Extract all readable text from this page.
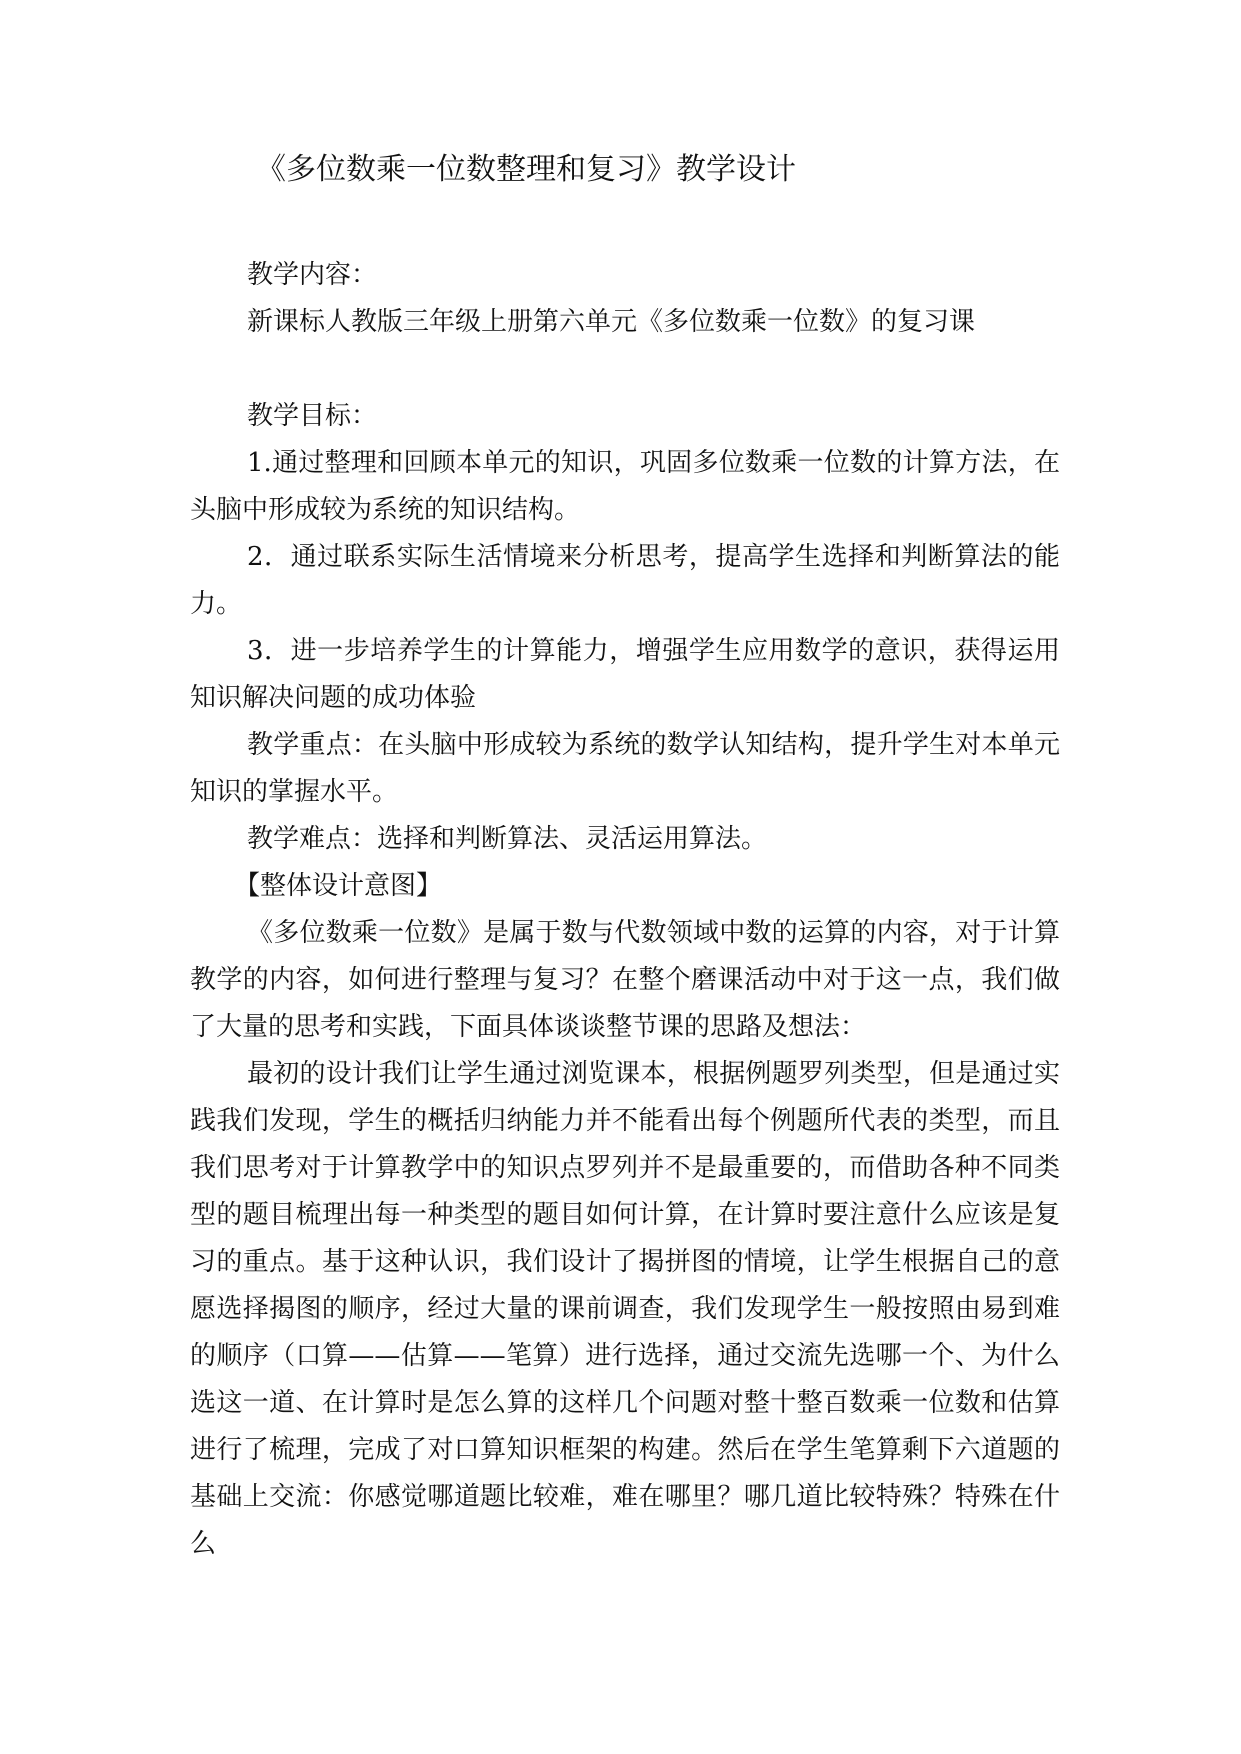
《多位数乘一位数整理和复习》教学设计

教学内容：

新课标人教版三年级上册第六单元《多位数乘一位数》的复习课

教学目标：

1.通过整理和回顾本单元的知识，巩固多位数乘一位数的计算方法，在头脑中形成较为系统的知识结构。

2．通过联系实际生活情境来分析思考，提高学生选择和判断算法的能力。

3．进一步培养学生的计算能力，增强学生应用数学的意识，获得运用知识解决问题的成功体验

教学重点：在头脑中形成较为系统的数学认知结构，提升学生对本单元知识的掌握水平。

教学难点：选择和判断算法、灵活运用算法。

【整体设计意图】

《多位数乘一位数》是属于数与代数领域中数的运算的内容，对于计算教学的内容，如何进行整理与复习？在整个磨课活动中对于这一点，我们做了大量的思考和实践，下面具体谈谈整节课的思路及想法：

最初的设计我们让学生通过浏览课本，根据例题罗列类型，但是通过实践我们发现，学生的概括归纳能力并不能看出每个例题所代表的类型，而且我们思考对于计算教学中的知识点罗列并不是最重要的，而借助各种不同类型的题目梳理出每一种类型的题目如何计算，在计算时要注意什么应该是复习的重点。基于这种认识，我们设计了揭拼图的情境，让学生根据自己的意愿选择揭图的顺序，经过大量的课前调查，我们发现学生一般按照由易到难的顺序（口算——估算——笔算）进行选择，通过交流先选哪一个、为什么选这一道、在计算时是怎么算的这样几个问题对整十整百数乘一位数和估算进行了梳理，完成了对口算知识框架的构建。然后在学生笔算剩下六道题的基础上交流：你感觉哪道题比较难，难在哪里？哪几道比较特殊？特殊在什么
